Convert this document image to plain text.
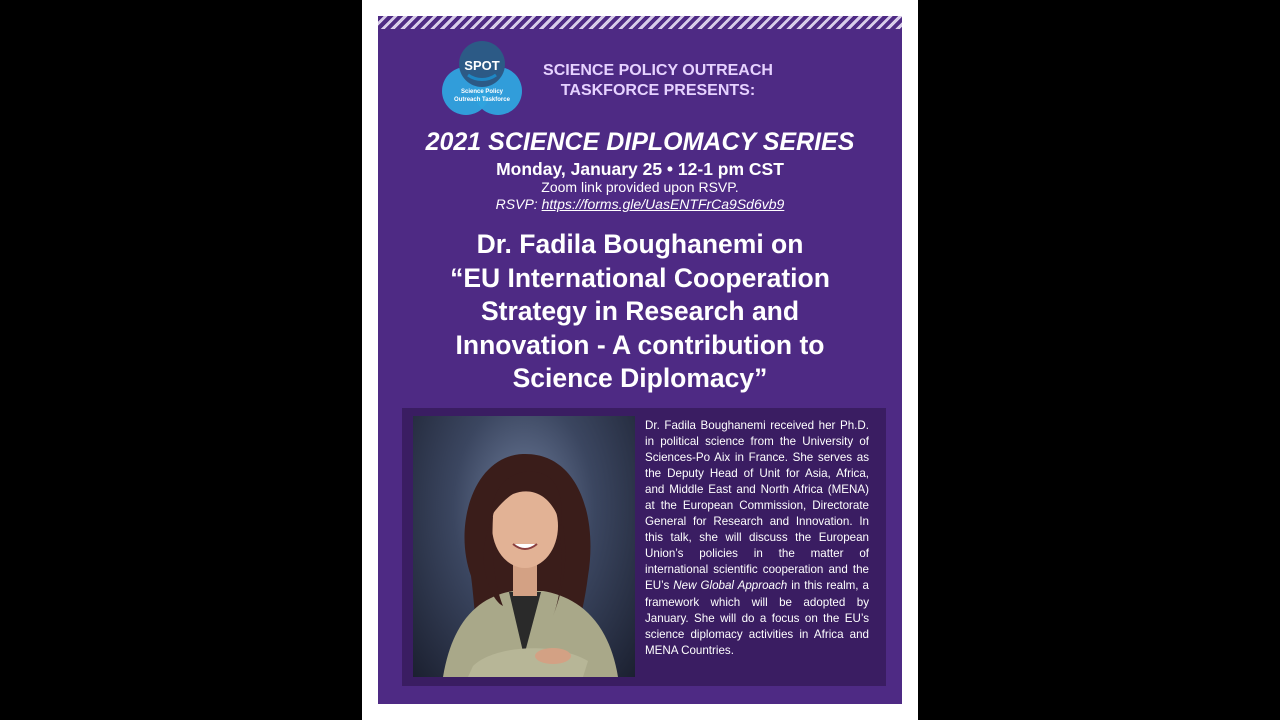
SPOT
Science Policy
Outreach Taskforce
SCIENCE POLICY OUTREACH
TASKFORCE PRESENTS:
2021 SCIENCE DIPLOMACY SERIES
Monday, January 25 • 12-1 pm CST
Zoom link provided upon RSVP.
RSVP: https://forms.gle/UasENTFrCa9Sd6vb9
Dr. Fadila Boughanemi on
“EU International Cooperation
Strategy in Research and
Innovation - A contribution to
Science Diplomacy”
Dr. Fadila Boughanemi received her Ph.D. in political science from the University of Sciences-Po Aix in France. She serves as the Deputy Head of Unit for Asia, Africa, and Middle East and North Africa (MENA) at the European Commission, Directorate General for Research and Innovation. In this talk, she will discuss the European Union’s policies in the matter of international scientific cooperation and the EU’s New Global Approach in this realm, a framework which will be adopted by January. She will do a focus on the EU’s science diplomacy activities in Africa and MENA Countries.
